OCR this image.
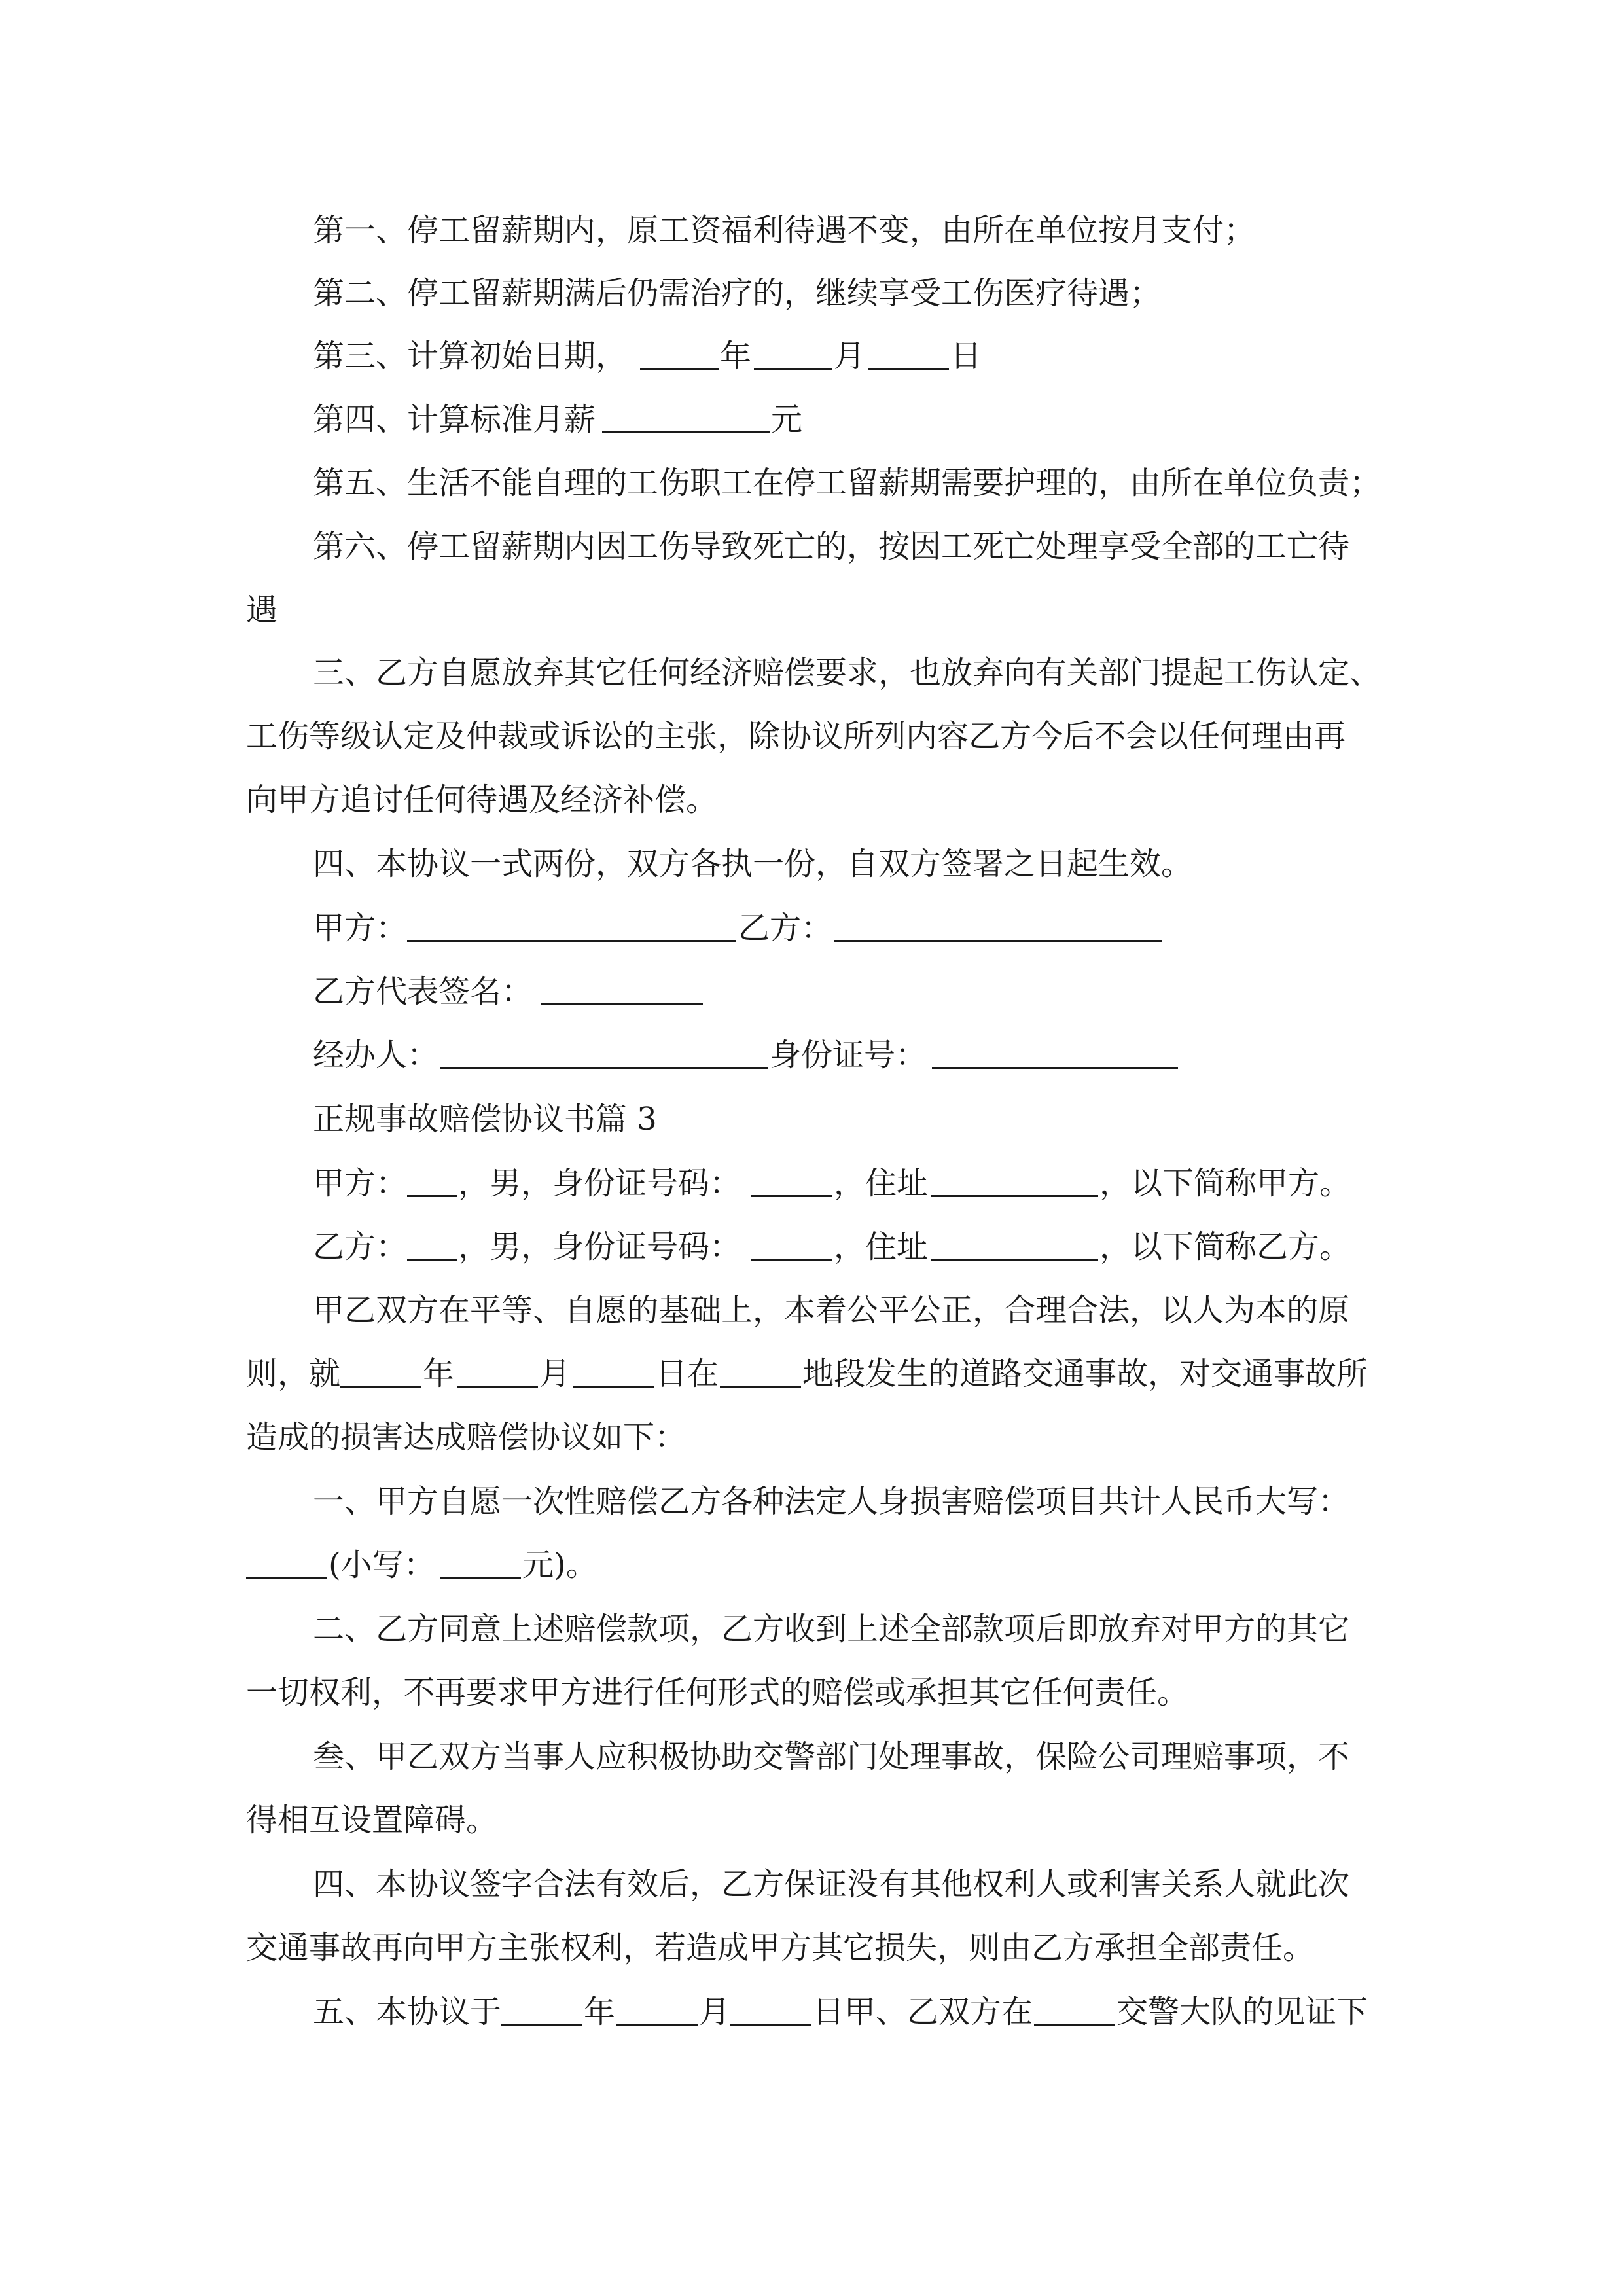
第一、停工留薪期内，原工资福利待遇不变，由所在单位按月支付；
第二、停工留薪期满后仍需治疗的，继续享受工伤医疗待遇；
第三、计算初始日期，	年	月	日
第四、计算标准月薪	元
第五、生活不能自理的工伤职工在停工留薪期需要护理的，由所在单位负责；
第六、停工留薪期内因工伤导致死亡的，按因工死亡处理享受全部的工亡待
遇
三、乙方自愿放弃其它任何经济赔偿要求，也放弃向有关部门提起工伤认定、
工伤等级认定及仲裁或诉讼的主张，除协议所列内容乙方今后不会以任何理由再
向甲方追讨任何待遇及经济补偿。
四、本协议一式两份，双方各执一份，自双方签署之日起生效。
甲方：	乙方：
乙方代表签名：
经办人：	身份证号：
正规事故赔偿协议书篇 3
甲方： ，男，身份证号码：	，住址	，以下简称甲方。
乙方： ，男，身份证号码：	，住址	，以下简称乙方。
甲乙双方在平等、自愿的基础上，本着公平公正，合理合法，以人为本的原
则，就	年	月	日在	地段发生的道路交通事故，对交通事故所
造成的损害达成赔偿协议如下：
一、甲方自愿一次性赔偿乙方各种法定人身损害赔偿项目共计人民币大写：
(小写：	元)。
二、乙方同意上述赔偿款项，乙方收到上述全部款项后即放弃对甲方的其它
一切权利，不再要求甲方进行任何形式的赔偿或承担其它任何责任。
叁、甲乙双方当事人应积极协助交警部门处理事故，保险公司理赔事项，不
得相互设置障碍。
四、本协议签字合法有效后，乙方保证没有其他权利人或利害关系人就此次
交通事故再向甲方主张权利，若造成甲方其它损失，则由乙方承担全部责任。
五、本协议于	年	月	日甲、乙双方在	交警大队的见证下
